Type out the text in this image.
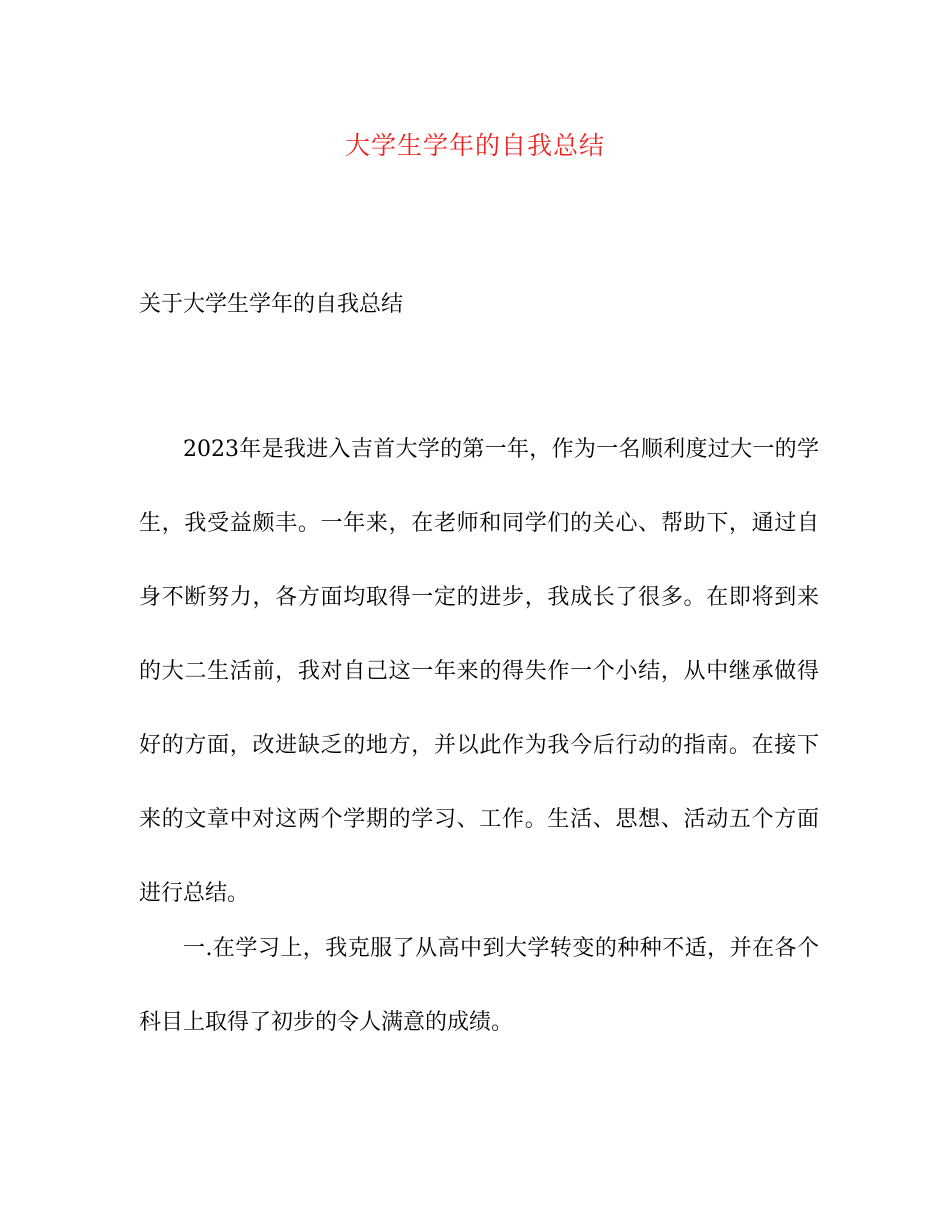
大学生学年的自我总结
关于大学生学年的自我总结

2023年是我进入吉首大学的第一年，作为一名顺利度过大一的学生，我受益颇丰。一年来，在老师和同学们的关心、帮助下，通过自身不断努力，各方面均取得一定的进步，我成长了很多。在即将到来的大二生活前，我对自己这一年来的得失作一个小结，从中继承做得好的方面，改进缺乏的地方，并以此作为我今后行动的指南。在接下来的文章中对这两个学期的学习、工作。生活、思想、活动五个方面进行总结。

一.在学习上，我克服了从高中到大学转变的种种不适，并在各个科目上取得了初步的令人满意的成绩。
